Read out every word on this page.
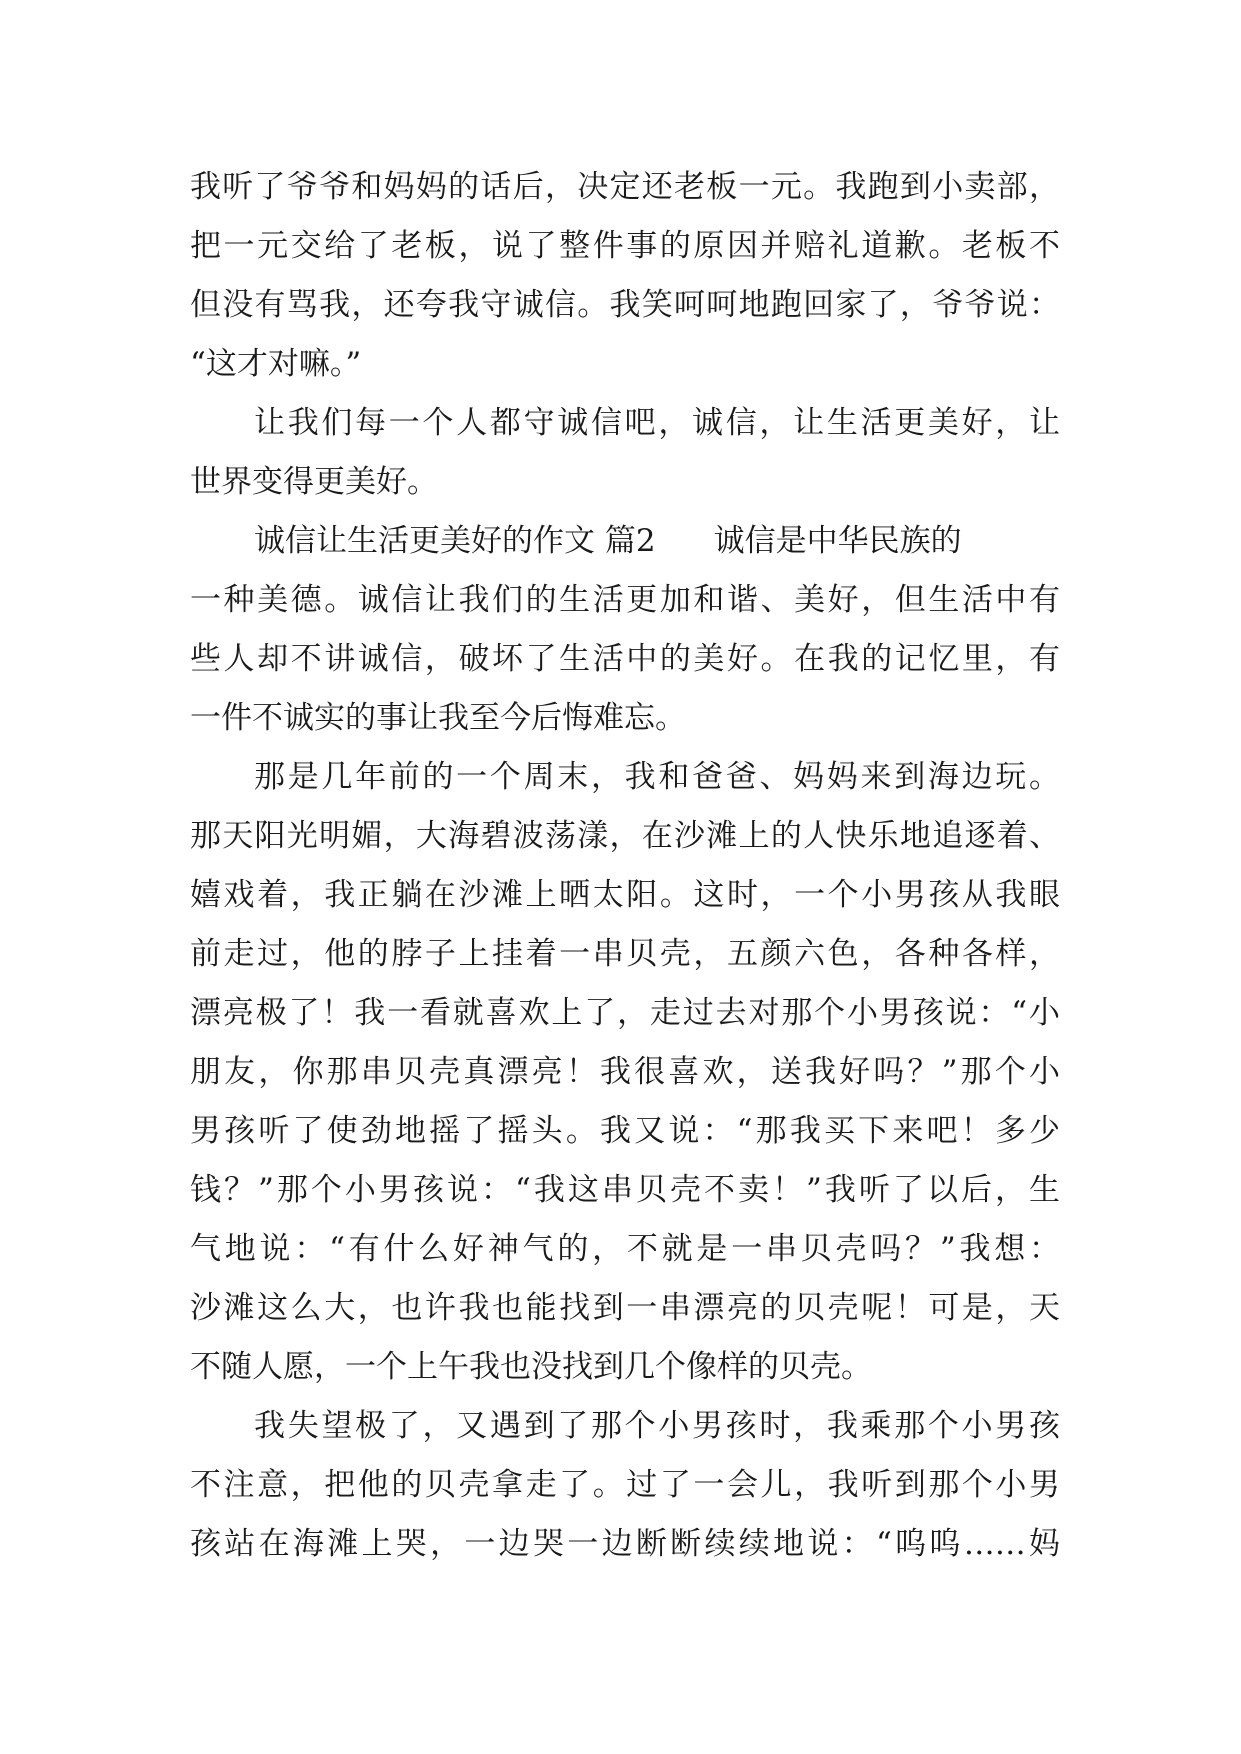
我听了爷爷和妈妈的话后，决定还老板一元。我跑到小卖部，
把一元交给了老板，说了整件事的原因并赔礼道歉。老板不
但没有骂我，还夸我守诚信。我笑呵呵地跑回家了，爷爷说：
“这才对嘛。”
让我们每一个人都守诚信吧，诚信，让生活更美好，让
世界变得更美好。
诚信让生活更美好的作文 篇2 诚信是中华民族的
一种美德。诚信让我们的生活更加和谐、美好，但生活中有
些人却不讲诚信，破坏了生活中的美好。在我的记忆里，有
一件不诚实的事让我至今后悔难忘。
那是几年前的一个周末，我和爸爸、妈妈来到海边玩。
那天阳光明媚，大海碧波荡漾，在沙滩上的人快乐地追逐着、
嬉戏着，我正躺在沙滩上晒太阳。这时，一个小男孩从我眼
前走过，他的脖子上挂着一串贝壳，五颜六色，各种各样，
漂亮极了！我一看就喜欢上了，走过去对那个小男孩说：“小
朋友，你那串贝壳真漂亮！我很喜欢，送我好吗？”那个小
男孩听了使劲地摇了摇头。我又说：“那我买下来吧！多少
钱？”那个小男孩说：“我这串贝壳不卖！”我听了以后，生
气地说：“有什么好神气的，不就是一串贝壳吗？”我想：
沙滩这么大，也许我也能找到一串漂亮的贝壳呢！可是，天
不随人愿，一个上午我也没找到几个像样的贝壳。
我失望极了，又遇到了那个小男孩时，我乘那个小男孩
不注意，把他的贝壳拿走了。过了一会儿，我听到那个小男
孩站在海滩上哭，一边哭一边断断续续地说：“呜呜……妈
